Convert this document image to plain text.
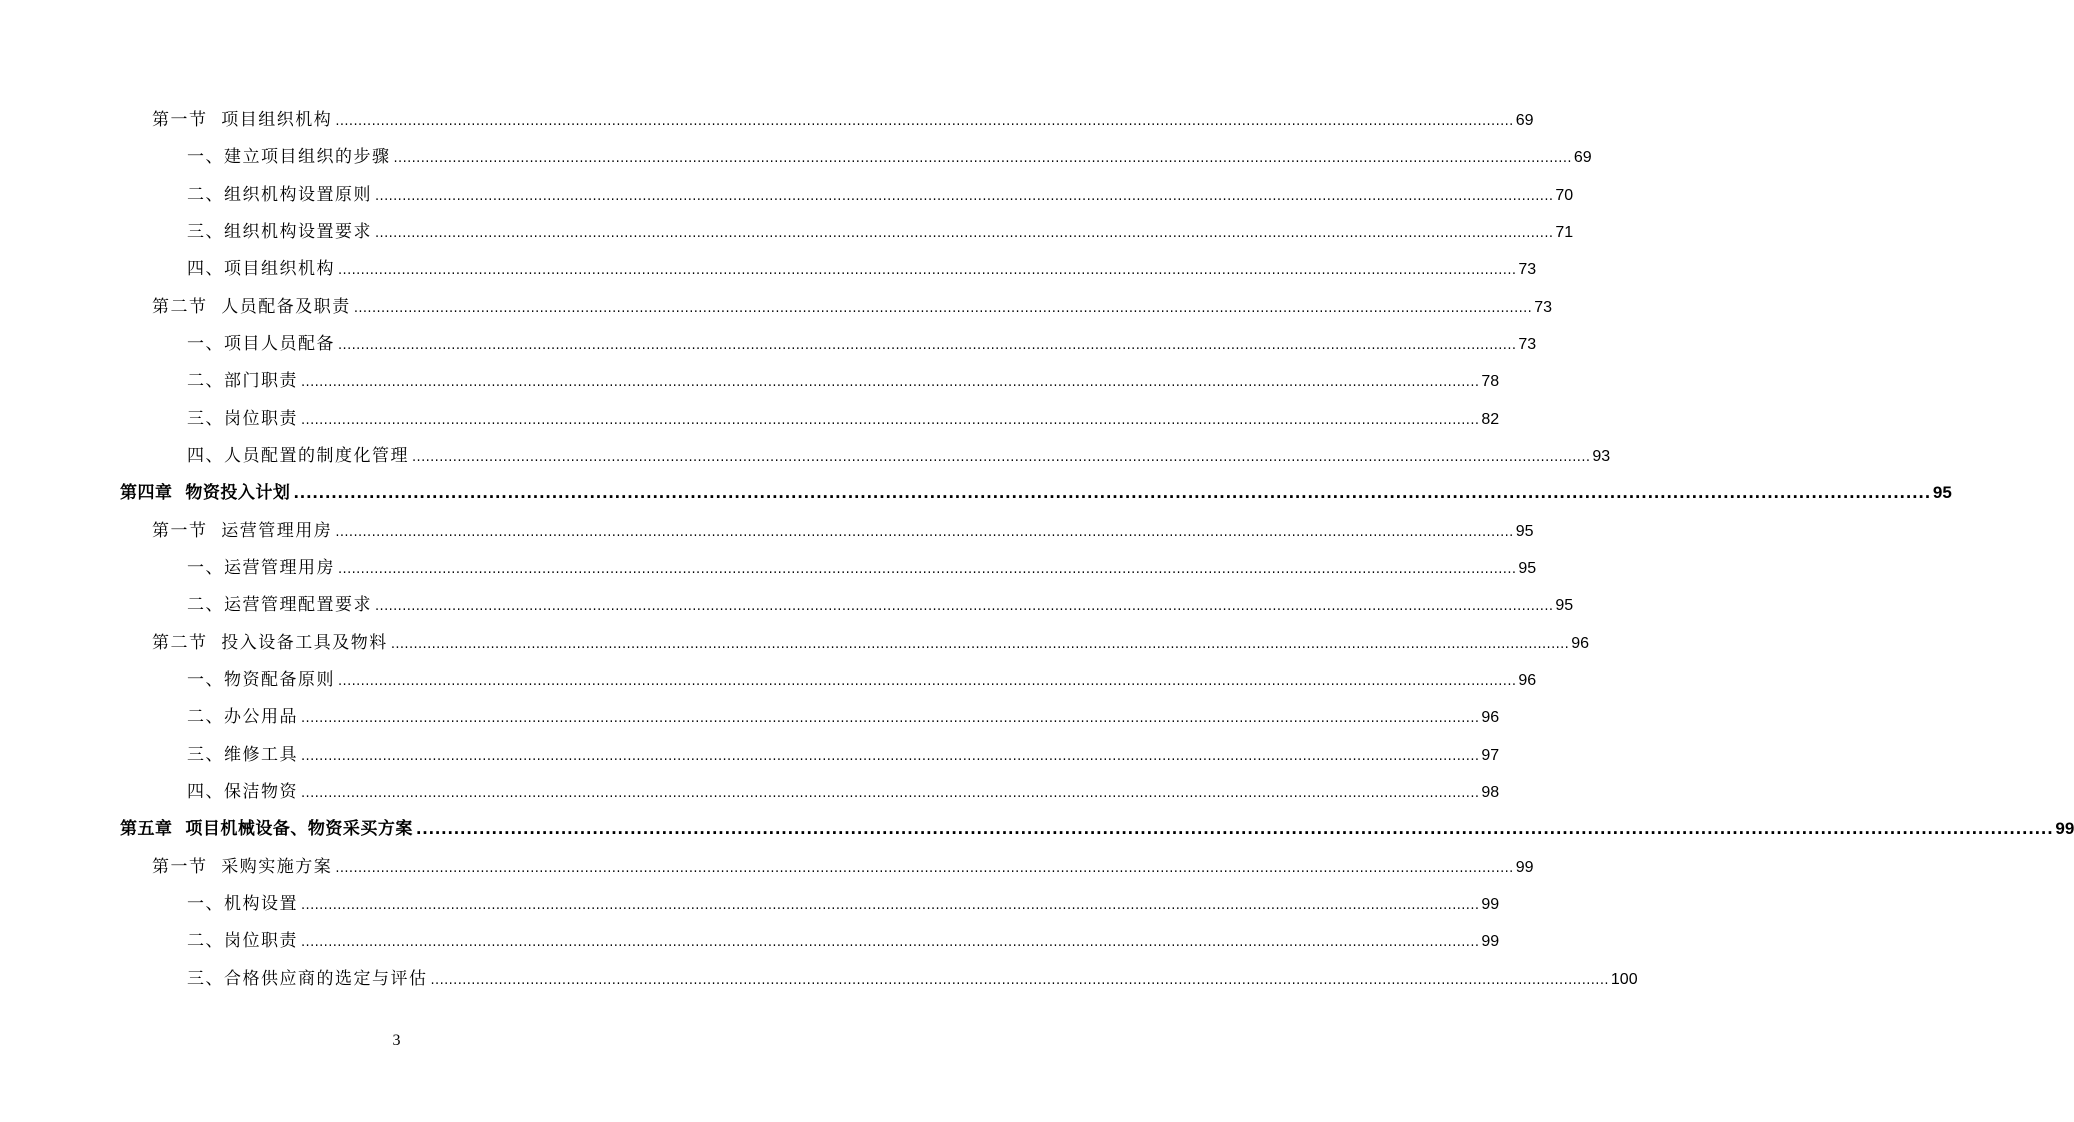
第一节  项目组织机构 .................................................................................................................................................................................................................................................................... 69
一、建立项目组织的步骤 .................................................................................................................................................................................................................................................................... 69
二、组织机构设置原则 .................................................................................................................................................................................................................................................................... 70
三、组织机构设置要求 .................................................................................................................................................................................................................................................................... 71
四、项目组织机构 .................................................................................................................................................................................................................................................................... 73
第二节  人员配备及职责 .................................................................................................................................................................................................................................................................... 73
一、项目人员配备 .................................................................................................................................................................................................................................................................... 73
二、部门职责 .................................................................................................................................................................................................................................................................... 78
三、岗位职责 .................................................................................................................................................................................................................................................................... 82
四、人员配置的制度化管理 .................................................................................................................................................................................................................................................................... 93
第四章  物资投入计划 .................................................................................................................................................................................................................................................................... 95
第一节  运营管理用房 .................................................................................................................................................................................................................................................................... 95
一、运营管理用房 .................................................................................................................................................................................................................................................................... 95
二、运营管理配置要求 .................................................................................................................................................................................................................................................................... 95
第二节  投入设备工具及物料 .................................................................................................................................................................................................................................................................... 96
一、物资配备原则 .................................................................................................................................................................................................................................................................... 96
二、办公用品 .................................................................................................................................................................................................................................................................... 96
三、维修工具 .................................................................................................................................................................................................................................................................... 97
四、保洁物资 .................................................................................................................................................................................................................................................................... 98
第五章  项目机械设备、物资采买方案 .................................................................................................................................................................................................................................................................... 99
第一节  采购实施方案 .................................................................................................................................................................................................................................................................... 99
一、机构设置 .................................................................................................................................................................................................................................................................... 99
二、岗位职责 .................................................................................................................................................................................................................................................................... 99
三、合格供应商的选定与评估 .................................................................................................................................................................................................................................................................... 100
3
